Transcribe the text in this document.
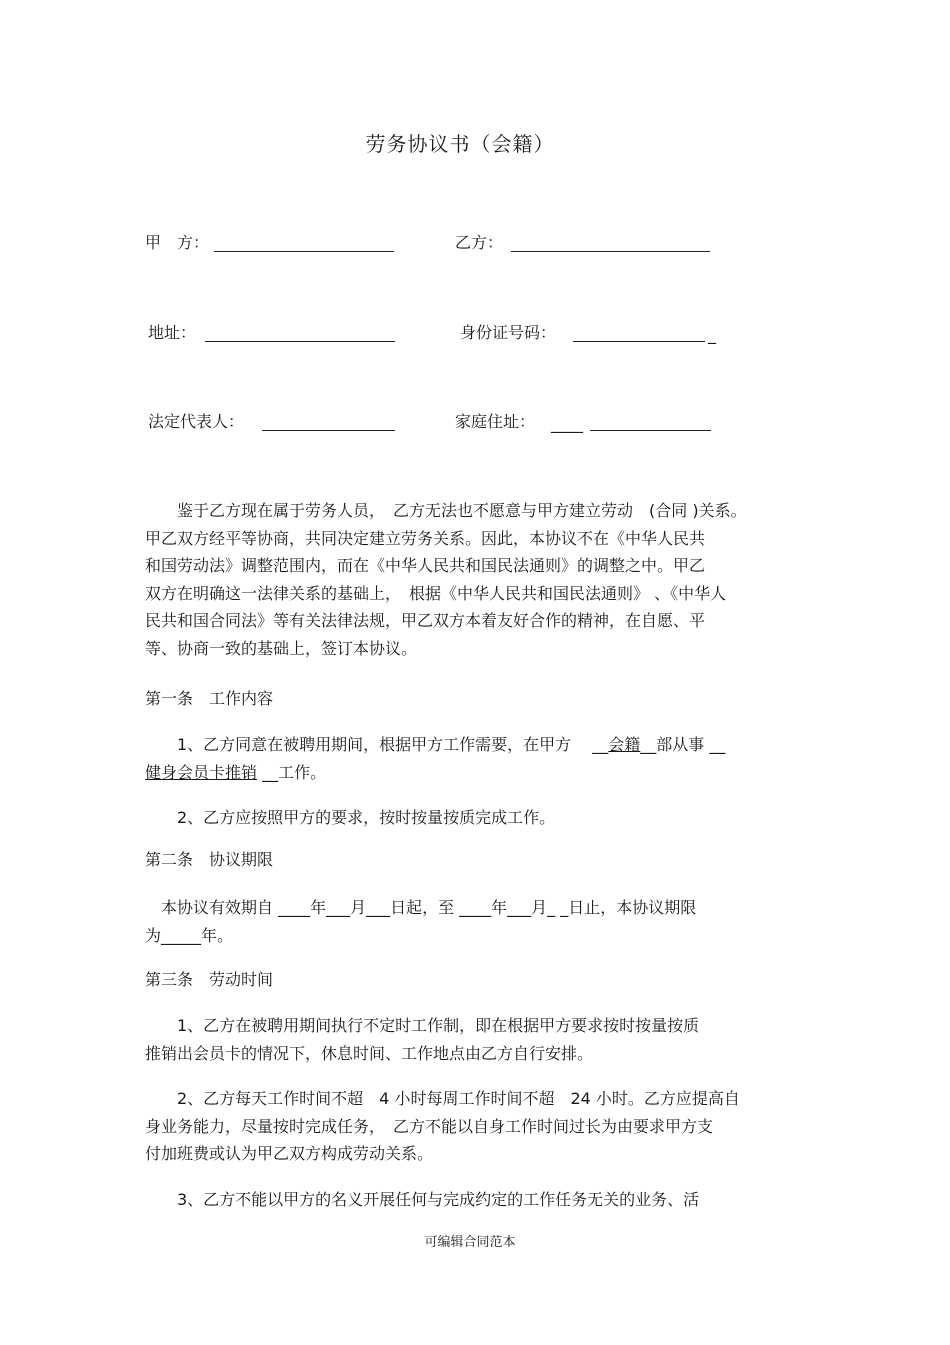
劳务协议书（会籍）
甲　方：	乙方：
地址：	身份证号码：	_
法定代表人：	家庭住址： ____
　　鉴于乙方现在属于劳务人员，　乙方无法也不愿意与甲方建立劳动　(合同 )关系。
甲乙双方经平等协商，共同决定建立劳务关系。因此，本协议不在《中华人民共
和国劳动法》调整范围内，而在《中华人民共和国民法通则》的调整之中。甲乙
双方在明确这一法律关系的基础上，　根据《中华人民共和国民法通则》 、《中华人
民共和国合同法》等有关法律法规，甲乙双方本着友好合作的精神，在自愿、平
等、协商一致的基础上，签订本协议。
第一条　工作内容
　　1、乙方同意在被聘用期间，根据甲方工作需要，在甲方　 __会籍__部从事 __
健身会员卡推销 __工作。
　　2、乙方应按照甲方的要求，按时按量按质完成工作。
第二条　协议期限
　本协议有效期自 ____年___月___日起，至 ____年___月_ _日止，本协议期限
为_____年。
第三条　劳动时间
　　1、乙方在被聘用期间执行不定时工作制，即在根据甲方要求按时按量按质
推销出会员卡的情况下，休息时间、工作地点由乙方自行安排。
　　2、乙方每天工作时间不超　4 小时每周工作时间不超　24 小时。乙方应提高自
身业务能力，尽量按时完成任务，　乙方不能以自身工作时间过长为由要求甲方支
付加班费或认为甲乙双方构成劳动关系。
　　3、乙方不能以甲方的名义开展任何与完成约定的工作任务无关的业务、活
可编辑合同范本
